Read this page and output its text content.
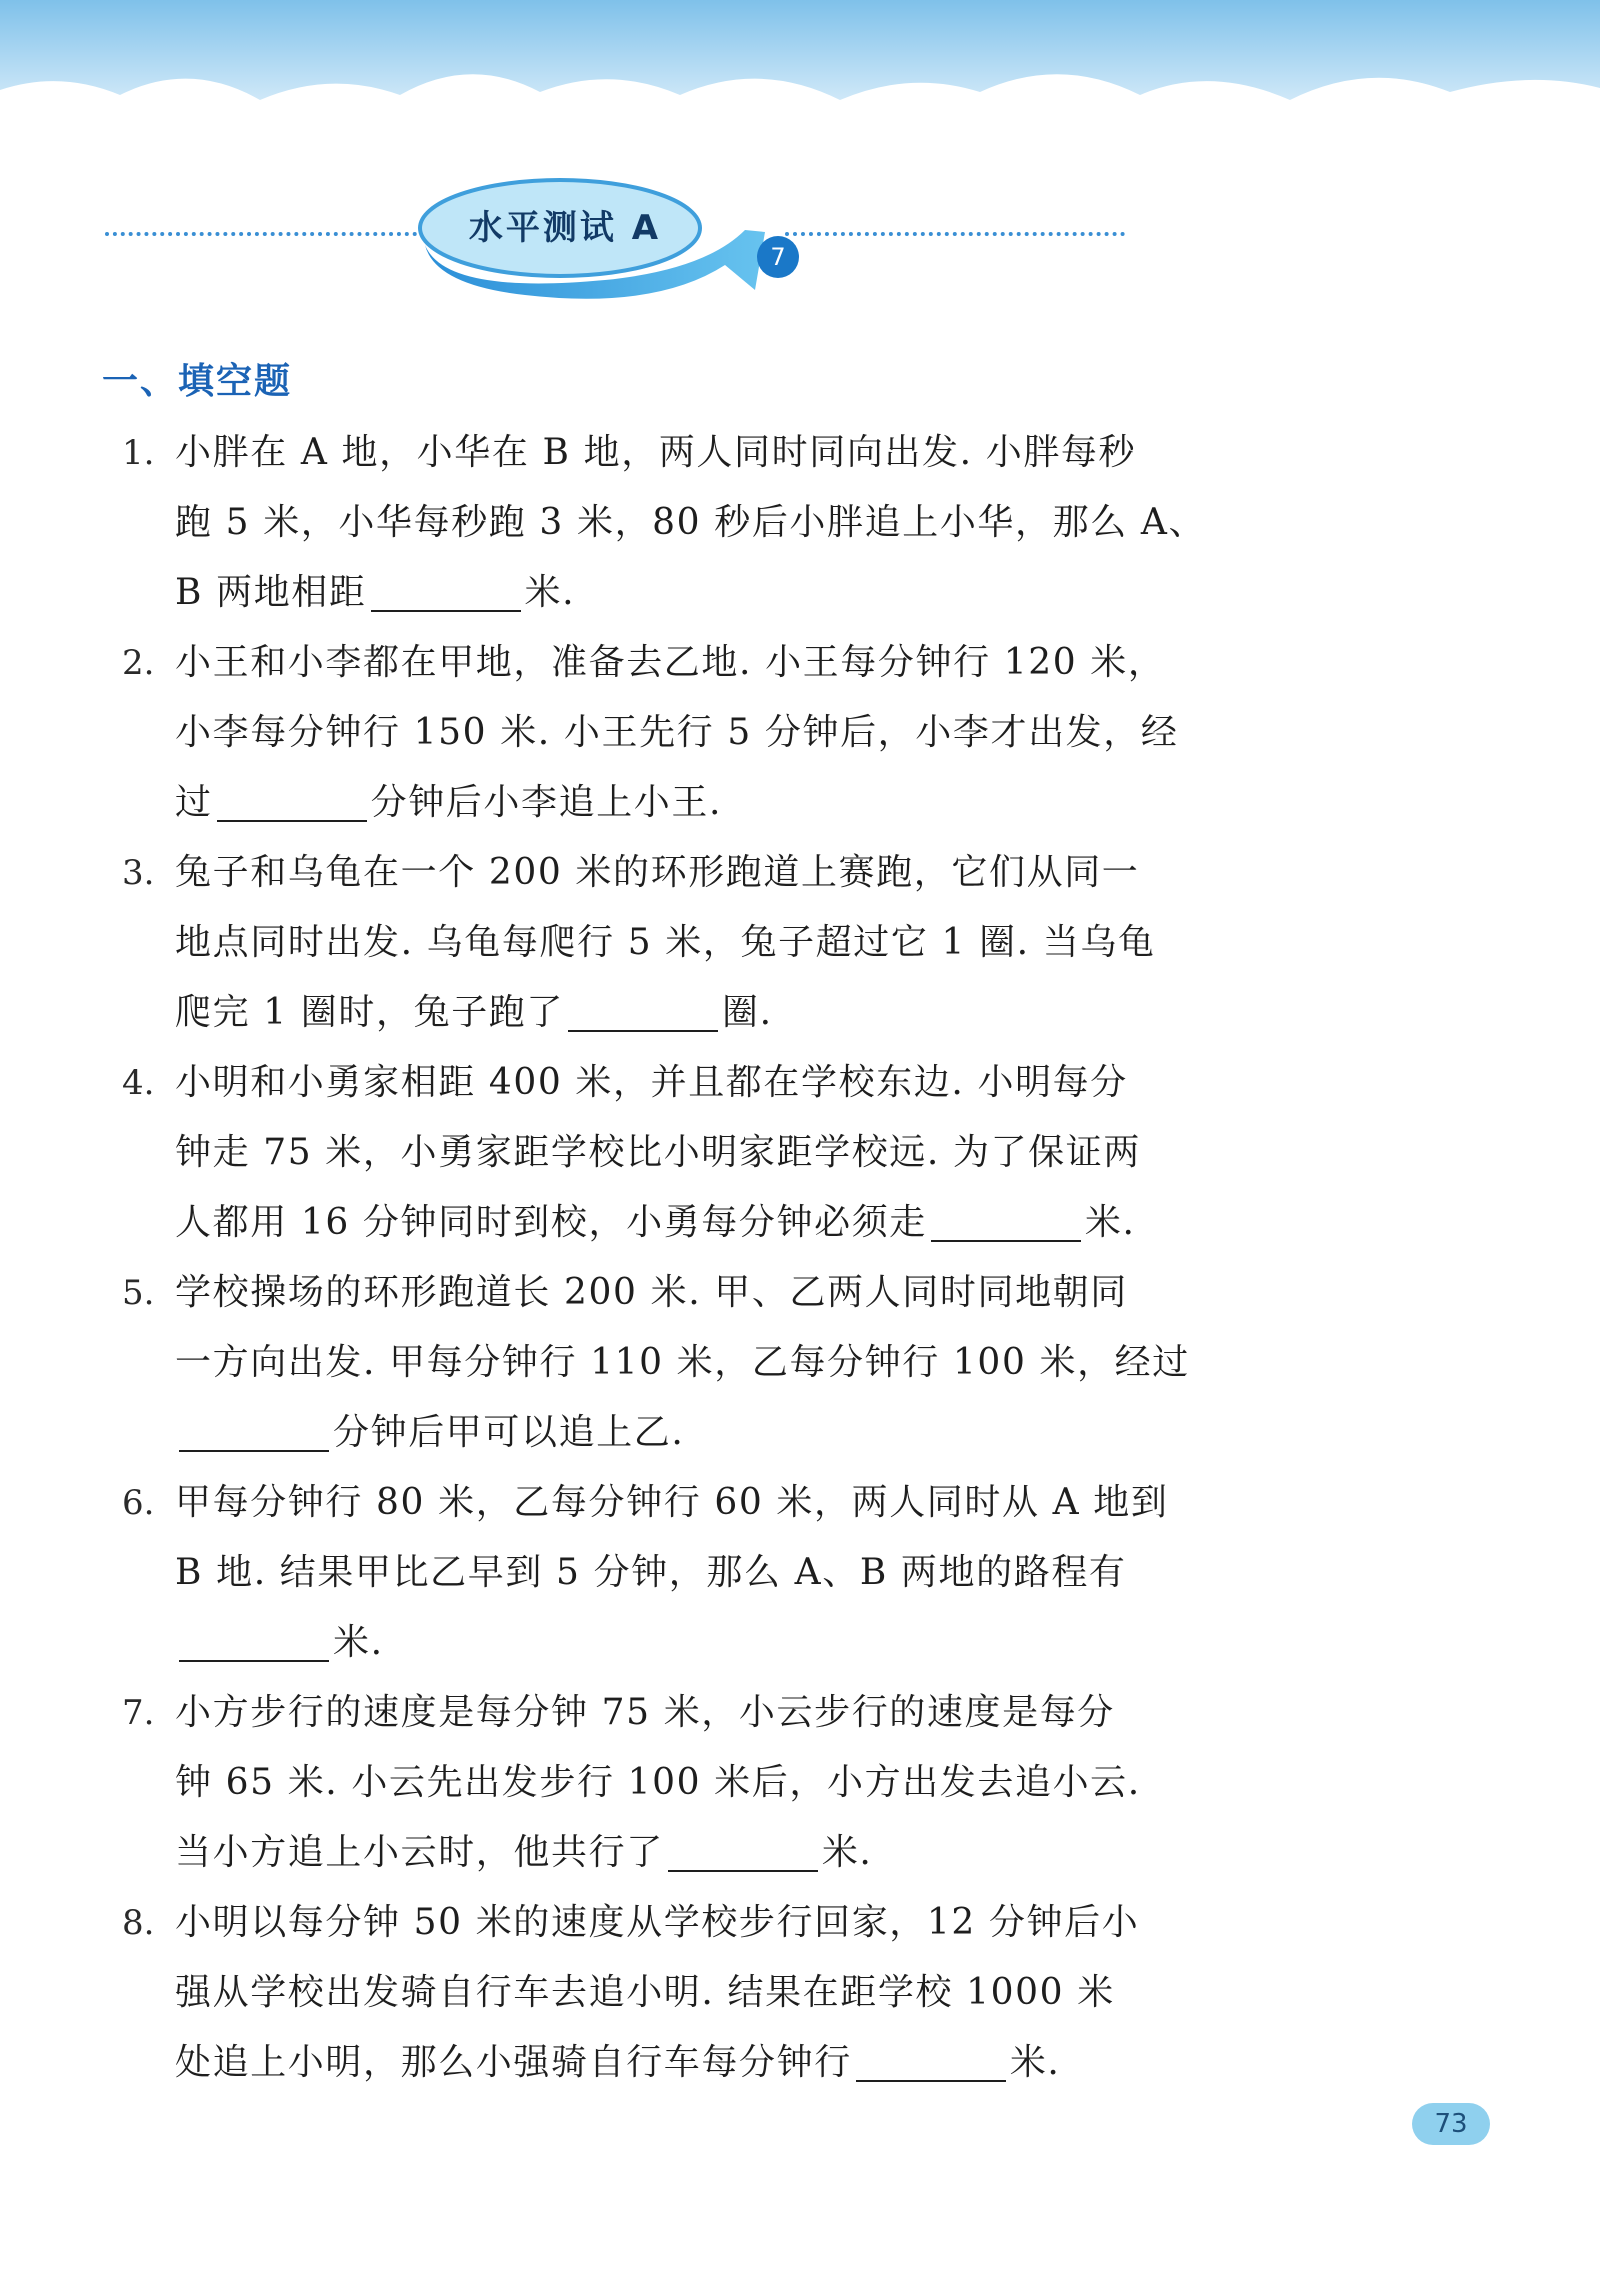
水平测试 A
7
一、填空题
1. 小胖在 A 地，小华在 B 地，两人同时同向出发. 小胖每秒
跑 5 米，小华每秒跑 3 米，80 秒后小胖追上小华，那么 A、
B 两地相距	米.
2. 小王和小李都在甲地，准备去乙地. 小王每分钟行 120 米，
小李每分钟行 150 米. 小王先行 5 分钟后，小李才出发，经
过	分钟后小李追上小王.
3. 兔子和乌龟在一个 200 米的环形跑道上赛跑，它们从同一
地点同时出发. 乌龟每爬行 5 米，兔子超过它 1 圈. 当乌龟
爬完 1 圈时，兔子跑了	圈.
4. 小明和小勇家相距 400 米，并且都在学校东边. 小明每分
钟走 75 米，小勇家距学校比小明家距学校远. 为了保证两
人都用 16 分钟同时到校，小勇每分钟必须走	米.
5. 学校操场的环形跑道长 200 米. 甲、乙两人同时同地朝同
一方向出发. 甲每分钟行 110 米，乙每分钟行 100 米，经过
分钟后甲可以追上乙.
6. 甲每分钟行 80 米，乙每分钟行 60 米，两人同时从 A 地到
B 地. 结果甲比乙早到 5 分钟，那么 A、B 两地的路程有
米.
7. 小方步行的速度是每分钟 75 米，小云步行的速度是每分
钟 65 米. 小云先出发步行 100 米后，小方出发去追小云.
当小方追上小云时，他共行了	米.
8. 小明以每分钟 50 米的速度从学校步行回家，12 分钟后小
强从学校出发骑自行车去追小明. 结果在距学校 1000 米
处追上小明，那么小强骑自行车每分钟行	米.
73
